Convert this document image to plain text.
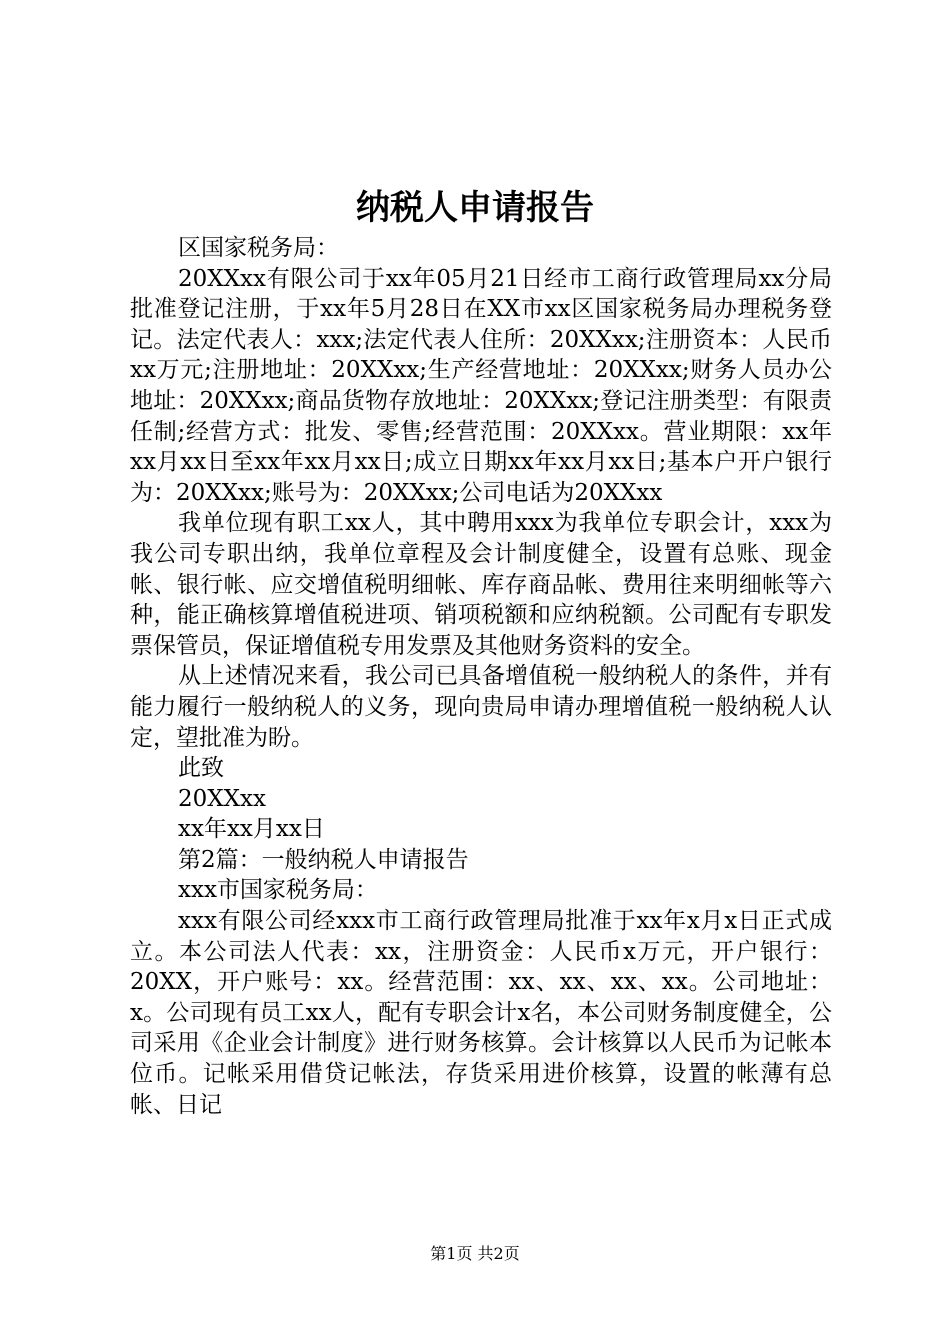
纳税人申请报告

区国家税务局：

20XXxx有限公司于xx年05月21日经市工商行政管理局xx分局批准登记注册，于xx年5月28日在XX市xx区国家税务局办理税务登记。法定代表人：xxx;法定代表人住所：20XXxx;注册资本：人民币xx万元;注册地址：20XXxx;生产经营地址：20XXxx;财务人员办公地址：20XXxx;商品货物存放地址：20XXxx;登记注册类型：有限责任制;经营方式：批发、零售;经营范围：20XXxx。营业期限：xx年xx月xx日至xx年xx月xx日;成立日期xx年xx月xx日;基本户开户银行为：20XXxx;账号为：20XXxx;公司电话为20XXxx

我单位现有职工xx人，其中聘用xxx为我单位专职会计，xxx为我公司专职出纳，我单位章程及会计制度健全，设置有总账、现金帐、银行帐、应交增值税明细帐、库存商品帐、费用往来明细帐等六种，能正确核算增值税进项、销项税额和应纳税额。公司配有专职发票保管员，保证增值税专用发票及其他财务资料的安全。

从上述情况来看，我公司已具备增值税一般纳税人的条件，并有能力履行一般纳税人的义务，现向贵局申请办理增值税一般纳税人认定，望批准为盼。

此致

20XXxx

xx年xx月xx日

第2篇：一般纳税人申请报告

xxx市国家税务局：

xxx有限公司经xxx市工商行政管理局批准于xx年x月x日正式成立。本公司法人代表：xx，注册资金：人民币x万元，开户银行：20XX，开户账号：xx。经营范围：xx、xx、xx、xx。公司地址：x。公司现有员工xx人，配有专职会计x名，本公司财务制度健全，公司采用《企业会计制度》进行财务核算。会计核算以人民币为记帐本位币。记帐采用借贷记帐法，存货采用进价核算，设置的帐薄有总帐、日记

第1页 共2页
